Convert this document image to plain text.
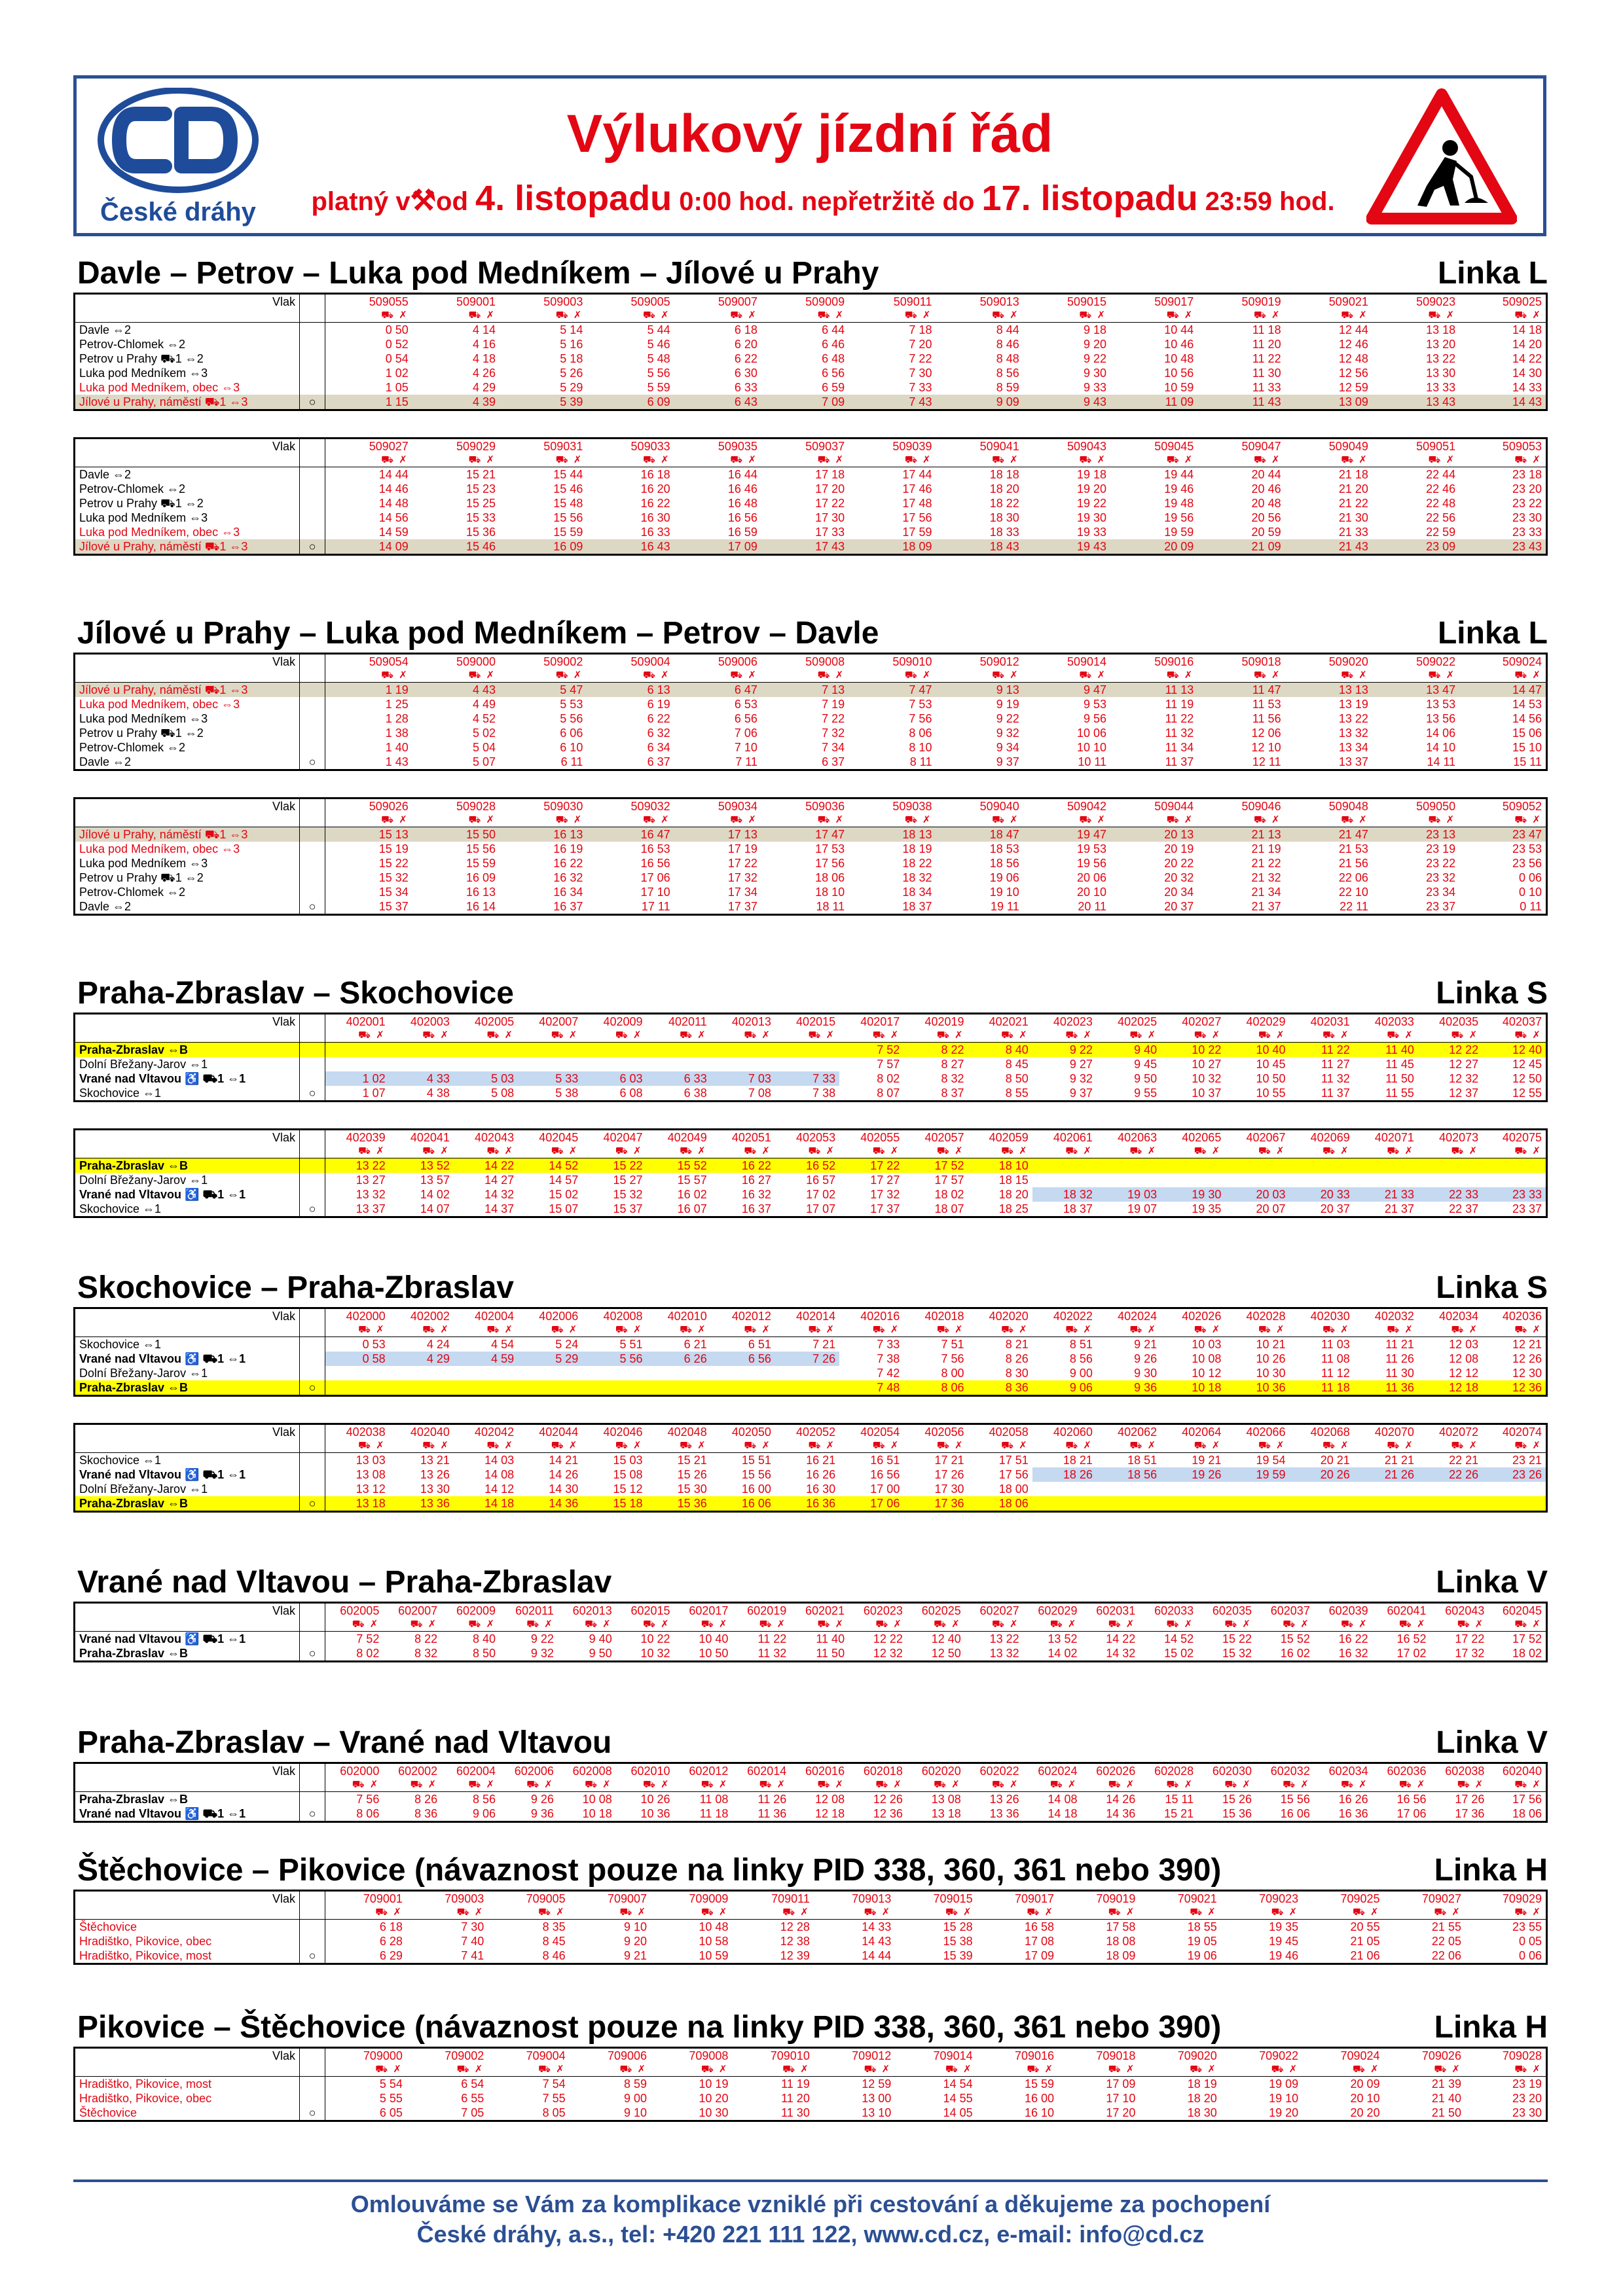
České dráhy
Výlukový jízdní řád
platný v⚒od 4. listopadu 0:00 hod. nepřetržitě do 17. listopadu 23:59 hod.
Davle – Petrov – Luka pod Medníkem – Jílové u Prahy	Linka L
Vlak		509055	509001	509003	509005	509007	509009	509011	509013	509015	509017	509019	509021	509023	509025
		⛟ ✗	⛟ ✗	⛟ ✗	⛟ ✗	⛟ ✗	⛟ ✗	⛟ ✗	⛟ ✗	⛟ ✗	⛟ ✗	⛟ ✗	⛟ ✗	⛟ ✗	⛟ ✗
Davle ⇔2		0 50	4 14	5 14	5 44	6 18	6 44	7 18	8 44	9 18	10 44	11 18	12 44	13 18	14 18
Petrov-Chlomek ⇔2		0 52	4 16	5 16	5 46	6 20	6 46	7 20	8 46	9 20	10 46	11 20	12 46	13 20	14 20
Petrov u Prahy ⛟1 ⇔2		0 54	4 18	5 18	5 48	6 22	6 48	7 22	8 48	9 22	10 48	11 22	12 48	13 22	14 22
Luka pod Medníkem ⇔3		1 02	4 26	5 26	5 56	6 30	6 56	7 30	8 56	9 30	10 56	11 30	12 56	13 30	14 30
Luka pod Medníkem, obec ⇔3		1 05	4 29	5 29	5 59	6 33	6 59	7 33	8 59	9 33	10 59	11 33	12 59	13 33	14 33
Jílové u Prahy, náměstí ⛟1 ⇔3	○	1 15	4 39	5 39	6 09	6 43	7 09	7 43	9 09	9 43	11 09	11 43	13 09	13 43	14 43
Vlak		509027	509029	509031	509033	509035	509037	509039	509041	509043	509045	509047	509049	509051	509053
		⛟ ✗	⛟ ✗	⛟ ✗	⛟ ✗	⛟ ✗	⛟ ✗	⛟ ✗	⛟ ✗	⛟ ✗	⛟ ✗	⛟ ✗	⛟ ✗	⛟ ✗	⛟ ✗
Davle ⇔2		14 44	15 21	15 44	16 18	16 44	17 18	17 44	18 18	19 18	19 44	20 44	21 18	22 44	23 18
Petrov-Chlomek ⇔2		14 46	15 23	15 46	16 20	16 46	17 20	17 46	18 20	19 20	19 46	20 46	21 20	22 46	23 20
Petrov u Prahy ⛟1 ⇔2		14 48	15 25	15 48	16 22	16 48	17 22	17 48	18 22	19 22	19 48	20 48	21 22	22 48	23 22
Luka pod Medníkem ⇔3		14 56	15 33	15 56	16 30	16 56	17 30	17 56	18 30	19 30	19 56	20 56	21 30	22 56	23 30
Luka pod Medníkem, obec ⇔3		14 59	15 36	15 59	16 33	16 59	17 33	17 59	18 33	19 33	19 59	20 59	21 33	22 59	23 33
Jílové u Prahy, náměstí ⛟1 ⇔3	○	14 09	15 46	16 09	16 43	17 09	17 43	18 09	18 43	19 43	20 09	21 09	21 43	23 09	23 43
Jílové u Prahy – Luka pod Medníkem – Petrov – Davle	Linka L
Vlak		509054	509000	509002	509004	509006	509008	509010	509012	509014	509016	509018	509020	509022	509024
		⛟ ✗	⛟ ✗	⛟ ✗	⛟ ✗	⛟ ✗	⛟ ✗	⛟ ✗	⛟ ✗	⛟ ✗	⛟ ✗	⛟ ✗	⛟ ✗	⛟ ✗	⛟ ✗
Jílové u Prahy, náměstí ⛟1 ⇔3		1 19	4 43	5 47	6 13	6 47	7 13	7 47	9 13	9 47	11 13	11 47	13 13	13 47	14 47
Luka pod Medníkem, obec ⇔3		1 25	4 49	5 53	6 19	6 53	7 19	7 53	9 19	9 53	11 19	11 53	13 19	13 53	14 53
Luka pod Medníkem ⇔3		1 28	4 52	5 56	6 22	6 56	7 22	7 56	9 22	9 56	11 22	11 56	13 22	13 56	14 56
Petrov u Prahy ⛟1 ⇔2		1 38	5 02	6 06	6 32	7 06	7 32	8 06	9 32	10 06	11 32	12 06	13 32	14 06	15 06
Petrov-Chlomek ⇔2		1 40	5 04	6 10	6 34	7 10	7 34	8 10	9 34	10 10	11 34	12 10	13 34	14 10	15 10
Davle ⇔2	○	1 43	5 07	6 11	6 37	7 11	6 37	8 11	9 37	10 11	11 37	12 11	13 37	14 11	15 11
Vlak		509026	509028	509030	509032	509034	509036	509038	509040	509042	509044	509046	509048	509050	509052
		⛟ ✗	⛟ ✗	⛟ ✗	⛟ ✗	⛟ ✗	⛟ ✗	⛟ ✗	⛟ ✗	⛟ ✗	⛟ ✗	⛟ ✗	⛟ ✗	⛟ ✗	⛟ ✗
Jílové u Prahy, náměstí ⛟1 ⇔3		15 13	15 50	16 13	16 47	17 13	17 47	18 13	18 47	19 47	20 13	21 13	21 47	23 13	23 47
Luka pod Medníkem, obec ⇔3		15 19	15 56	16 19	16 53	17 19	17 53	18 19	18 53	19 53	20 19	21 19	21 53	23 19	23 53
Luka pod Medníkem ⇔3		15 22	15 59	16 22	16 56	17 22	17 56	18 22	18 56	19 56	20 22	21 22	21 56	23 22	23 56
Petrov u Prahy ⛟1 ⇔2		15 32	16 09	16 32	17 06	17 32	18 06	18 32	19 06	20 06	20 32	21 32	22 06	23 32	0 06
Petrov-Chlomek ⇔2		15 34	16 13	16 34	17 10	17 34	18 10	18 34	19 10	20 10	20 34	21 34	22 10	23 34	0 10
Davle ⇔2	○	15 37	16 14	16 37	17 11	17 37	18 11	18 37	19 11	20 11	20 37	21 37	22 11	23 37	0 11
Praha-Zbraslav – Skochovice	Linka S
Vlak		402001	402003	402005	402007	402009	402011	402013	402015	402017	402019	402021	402023	402025	402027	402029	402031	402033	402035	402037
		⛟ ✗	⛟ ✗	⛟ ✗	⛟ ✗	⛟ ✗	⛟ ✗	⛟ ✗	⛟ ✗	⛟ ✗	⛟ ✗	⛟ ✗	⛟ ✗	⛟ ✗	⛟ ✗	⛟ ✗	⛟ ✗	⛟ ✗	⛟ ✗	⛟ ✗
Praha-Zbraslav ⇔B										7 52	8 22	8 40	9 22	9 40	10 22	10 40	11 22	11 40	12 22	12 40
Dolní Břežany-Jarov ⇔1										7 57	8 27	8 45	9 27	9 45	10 27	10 45	11 27	11 45	12 27	12 45
Vrané nad Vltavou ♿ ⛟1 ⇔1		1 02	4 33	5 03	5 33	6 03	6 33	7 03	7 33	8 02	8 32	8 50	9 32	9 50	10 32	10 50	11 32	11 50	12 32	12 50
Skochovice ⇔1	○	1 07	4 38	5 08	5 38	6 08	6 38	7 08	7 38	8 07	8 37	8 55	9 37	9 55	10 37	10 55	11 37	11 55	12 37	12 55
Vlak		402039	402041	402043	402045	402047	402049	402051	402053	402055	402057	402059	402061	402063	402065	402067	402069	402071	402073	402075
		⛟ ✗	⛟ ✗	⛟ ✗	⛟ ✗	⛟ ✗	⛟ ✗	⛟ ✗	⛟ ✗	⛟ ✗	⛟ ✗	⛟ ✗	⛟ ✗	⛟ ✗	⛟ ✗	⛟ ✗	⛟ ✗	⛟ ✗	⛟ ✗	⛟ ✗
Praha-Zbraslav ⇔B		13 22	13 52	14 22	14 52	15 22	15 52	16 22	16 52	17 22	17 52	18 10								
Dolní Břežany-Jarov ⇔1		13 27	13 57	14 27	14 57	15 27	15 57	16 27	16 57	17 27	17 57	18 15								
Vrané nad Vltavou ♿ ⛟1 ⇔1		13 32	14 02	14 32	15 02	15 32	16 02	16 32	17 02	17 32	18 02	18 20	18 32	19 03	19 30	20 03	20 33	21 33	22 33	23 33
Skochovice ⇔1	○	13 37	14 07	14 37	15 07	15 37	16 07	16 37	17 07	17 37	18 07	18 25	18 37	19 07	19 35	20 07	20 37	21 37	22 37	23 37
Skochovice – Praha-Zbraslav	Linka S
Vlak		402000	402002	402004	402006	402008	402010	402012	402014	402016	402018	402020	402022	402024	402026	402028	402030	402032	402034	402036
		⛟ ✗	⛟ ✗	⛟ ✗	⛟ ✗	⛟ ✗	⛟ ✗	⛟ ✗	⛟ ✗	⛟ ✗	⛟ ✗	⛟ ✗	⛟ ✗	⛟ ✗	⛟ ✗	⛟ ✗	⛟ ✗	⛟ ✗	⛟ ✗	⛟ ✗
Skochovice ⇔1		0 53	4 24	4 54	5 24	5 51	6 21	6 51	7 21	7 33	7 51	8 21	8 51	9 21	10 03	10 21	11 03	11 21	12 03	12 21
Vrané nad Vltavou ♿ ⛟1 ⇔1		0 58	4 29	4 59	5 29	5 56	6 26	6 56	7 26	7 38	7 56	8 26	8 56	9 26	10 08	10 26	11 08	11 26	12 08	12 26
Dolní Břežany-Jarov ⇔1										7 42	8 00	8 30	9 00	9 30	10 12	10 30	11 12	11 30	12 12	12 30
Praha-Zbraslav ⇔B	○									7 48	8 06	8 36	9 06	9 36	10 18	10 36	11 18	11 36	12 18	12 36
Vlak		402038	402040	402042	402044	402046	402048	402050	402052	402054	402056	402058	402060	402062	402064	402066	402068	402070	402072	402074
		⛟ ✗	⛟ ✗	⛟ ✗	⛟ ✗	⛟ ✗	⛟ ✗	⛟ ✗	⛟ ✗	⛟ ✗	⛟ ✗	⛟ ✗	⛟ ✗	⛟ ✗	⛟ ✗	⛟ ✗	⛟ ✗	⛟ ✗	⛟ ✗	⛟ ✗
Skochovice ⇔1		13 03	13 21	14 03	14 21	15 03	15 21	15 51	16 21	16 51	17 21	17 51	18 21	18 51	19 21	19 54	20 21	21 21	22 21	23 21
Vrané nad Vltavou ♿ ⛟1 ⇔1		13 08	13 26	14 08	14 26	15 08	15 26	15 56	16 26	16 56	17 26	17 56	18 26	18 56	19 26	19 59	20 26	21 26	22 26	23 26
Dolní Břežany-Jarov ⇔1		13 12	13 30	14 12	14 30	15 12	15 30	16 00	16 30	17 00	17 30	18 00								
Praha-Zbraslav ⇔B	○	13 18	13 36	14 18	14 36	15 18	15 36	16 06	16 36	17 06	17 36	18 06								
Vrané nad Vltavou – Praha-Zbraslav	Linka V
Vlak		602005	602007	602009	602011	602013	602015	602017	602019	602021	602023	602025	602027	602029	602031	602033	602035	602037	602039	602041	602043	602045
		⛟ ✗	⛟ ✗	⛟ ✗	⛟ ✗	⛟ ✗	⛟ ✗	⛟ ✗	⛟ ✗	⛟ ✗	⛟ ✗	⛟ ✗	⛟ ✗	⛟ ✗	⛟ ✗	⛟ ✗	⛟ ✗	⛟ ✗	⛟ ✗	⛟ ✗	⛟ ✗	⛟ ✗
Vrané nad Vltavou ♿ ⛟1 ⇔1		7 52	8 22	8 40	9 22	9 40	10 22	10 40	11 22	11 40	12 22	12 40	13 22	13 52	14 22	14 52	15 22	15 52	16 22	16 52	17 22	17 52
Praha-Zbraslav ⇔B	○	8 02	8 32	8 50	9 32	9 50	10 32	10 50	11 32	11 50	12 32	12 50	13 32	14 02	14 32	15 02	15 32	16 02	16 32	17 02	17 32	18 02
Praha-Zbraslav – Vrané nad Vltavou	Linka V
Vlak		602000	602002	602004	602006	602008	602010	602012	602014	602016	602018	602020	602022	602024	602026	602028	602030	602032	602034	602036	602038	602040
		⛟ ✗	⛟ ✗	⛟ ✗	⛟ ✗	⛟ ✗	⛟ ✗	⛟ ✗	⛟ ✗	⛟ ✗	⛟ ✗	⛟ ✗	⛟ ✗	⛟ ✗	⛟ ✗	⛟ ✗	⛟ ✗	⛟ ✗	⛟ ✗	⛟ ✗	⛟ ✗	⛟ ✗
Praha-Zbraslav ⇔B		7 56	8 26	8 56	9 26	10 08	10 26	11 08	11 26	12 08	12 26	13 08	13 26	14 08	14 26	15 11	15 26	15 56	16 26	16 56	17 26	17 56
Vrané nad Vltavou ♿ ⛟1 ⇔1	○	8 06	8 36	9 06	9 36	10 18	10 36	11 18	11 36	12 18	12 36	13 18	13 36	14 18	14 36	15 21	15 36	16 06	16 36	17 06	17 36	18 06
Štěchovice – Pikovice (návaznost pouze na linky PID 338, 360, 361 nebo 390)	Linka H
Vlak		709001	709003	709005	709007	709009	709011	709013	709015	709017	709019	709021	709023	709025	709027	709029
		⛟ ✗	⛟ ✗	⛟ ✗	⛟ ✗	⛟ ✗	⛟ ✗	⛟ ✗	⛟ ✗	⛟ ✗	⛟ ✗	⛟ ✗	⛟ ✗	⛟ ✗	⛟ ✗	⛟ ✗
Štěchovice		6 18	7 30	8 35	9 10	10 48	12 28	14 33	15 28	16 58	17 58	18 55	19 35	20 55	21 55	23 55
Hradištko, Pikovice, obec		6 28	7 40	8 45	9 20	10 58	12 38	14 43	15 38	17 08	18 08	19 05	19 45	21 05	22 05	0 05
Hradištko, Pikovice, most	○	6 29	7 41	8 46	9 21	10 59	12 39	14 44	15 39	17 09	18 09	19 06	19 46	21 06	22 06	0 06
Pikovice – Štěchovice (návaznost pouze na linky PID 338, 360, 361 nebo 390)	Linka H
Vlak		709000	709002	709004	709006	709008	709010	709012	709014	709016	709018	709020	709022	709024	709026	709028
		⛟ ✗	⛟ ✗	⛟ ✗	⛟ ✗	⛟ ✗	⛟ ✗	⛟ ✗	⛟ ✗	⛟ ✗	⛟ ✗	⛟ ✗	⛟ ✗	⛟ ✗	⛟ ✗	⛟ ✗
Hradištko, Pikovice, most		5 54	6 54	7 54	8 59	10 19	11 19	12 59	14 54	15 59	17 09	18 19	19 09	20 09	21 39	23 19
Hradištko, Pikovice, obec		5 55	6 55	7 55	9 00	10 20	11 20	13 00	14 55	16 00	17 10	18 20	19 10	20 10	21 40	23 20
Štěchovice	○	6 05	7 05	8 05	9 10	10 30	11 30	13 10	14 05	16 10	17 20	18 30	19 20	20 20	21 50	23 30
Omlouváme se Vám za komplikace vzniklé při cestování a děkujeme za pochopení
České dráhy, a.s., tel: +420 221 111 122, www.cd.cz, e-mail: info@cd.cz
